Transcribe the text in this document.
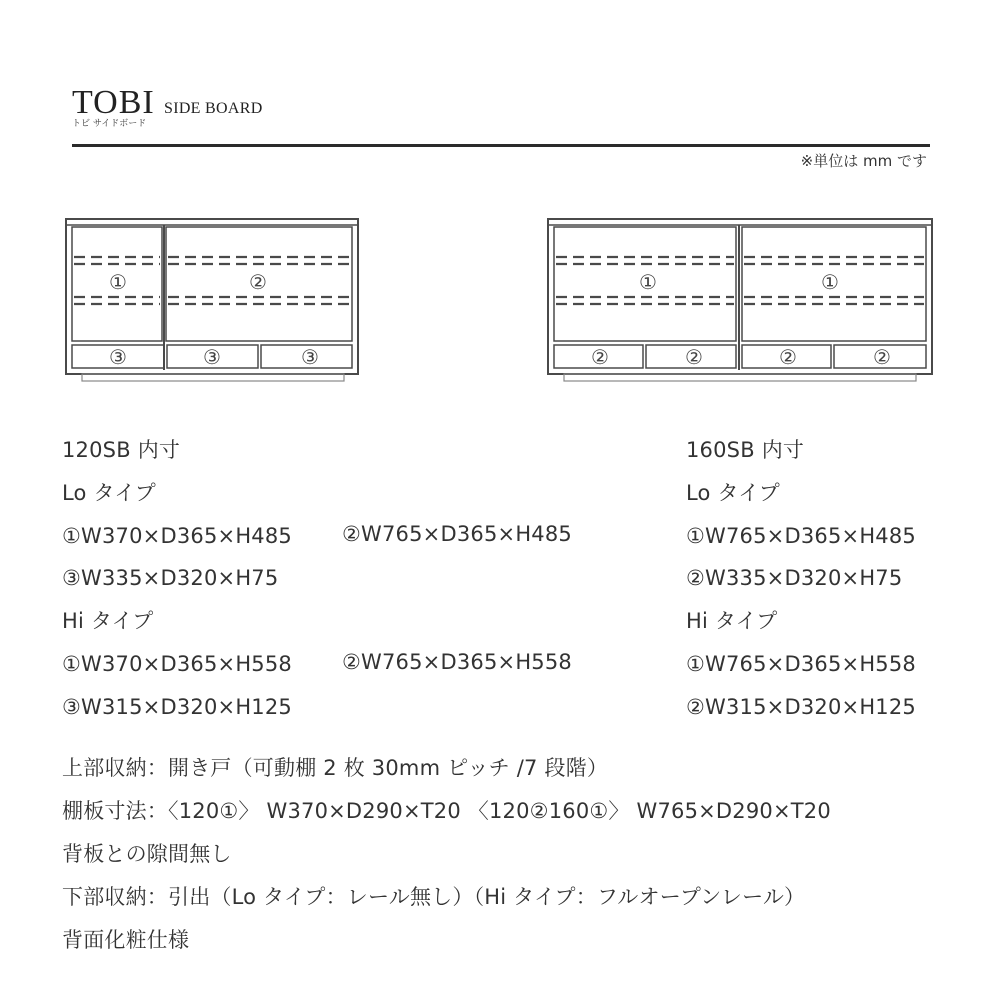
TOBI SIDE BOARD
トビ サイドボード
※単位は mm です
①	②
③	③	③
①	①
②	②	②	②
120SB 内寸
Lo タイプ
①W370×D365×H485 ②W765×D365×H485
③W335×D320×H75
Hi タイプ
①W370×D365×H558 ②W765×D365×H558
③W315×D320×H125
160SB 内寸
Lo タイプ
①W765×D365×H485
②W335×D320×H75
Hi タイプ
①W765×D365×H558
②W315×D320×H125
上部収納：開き戸（可動棚 2 枚 30mm ピッチ /7 段階）
棚板寸法：〈120①〉 W370×D290×T20 〈120②160①〉 W765×D290×T20
背板との隙間無し
下部収納：引出（Lo タイプ：レール無し）（Hi タイプ：フルオープンレール）
背面化粧仕様
